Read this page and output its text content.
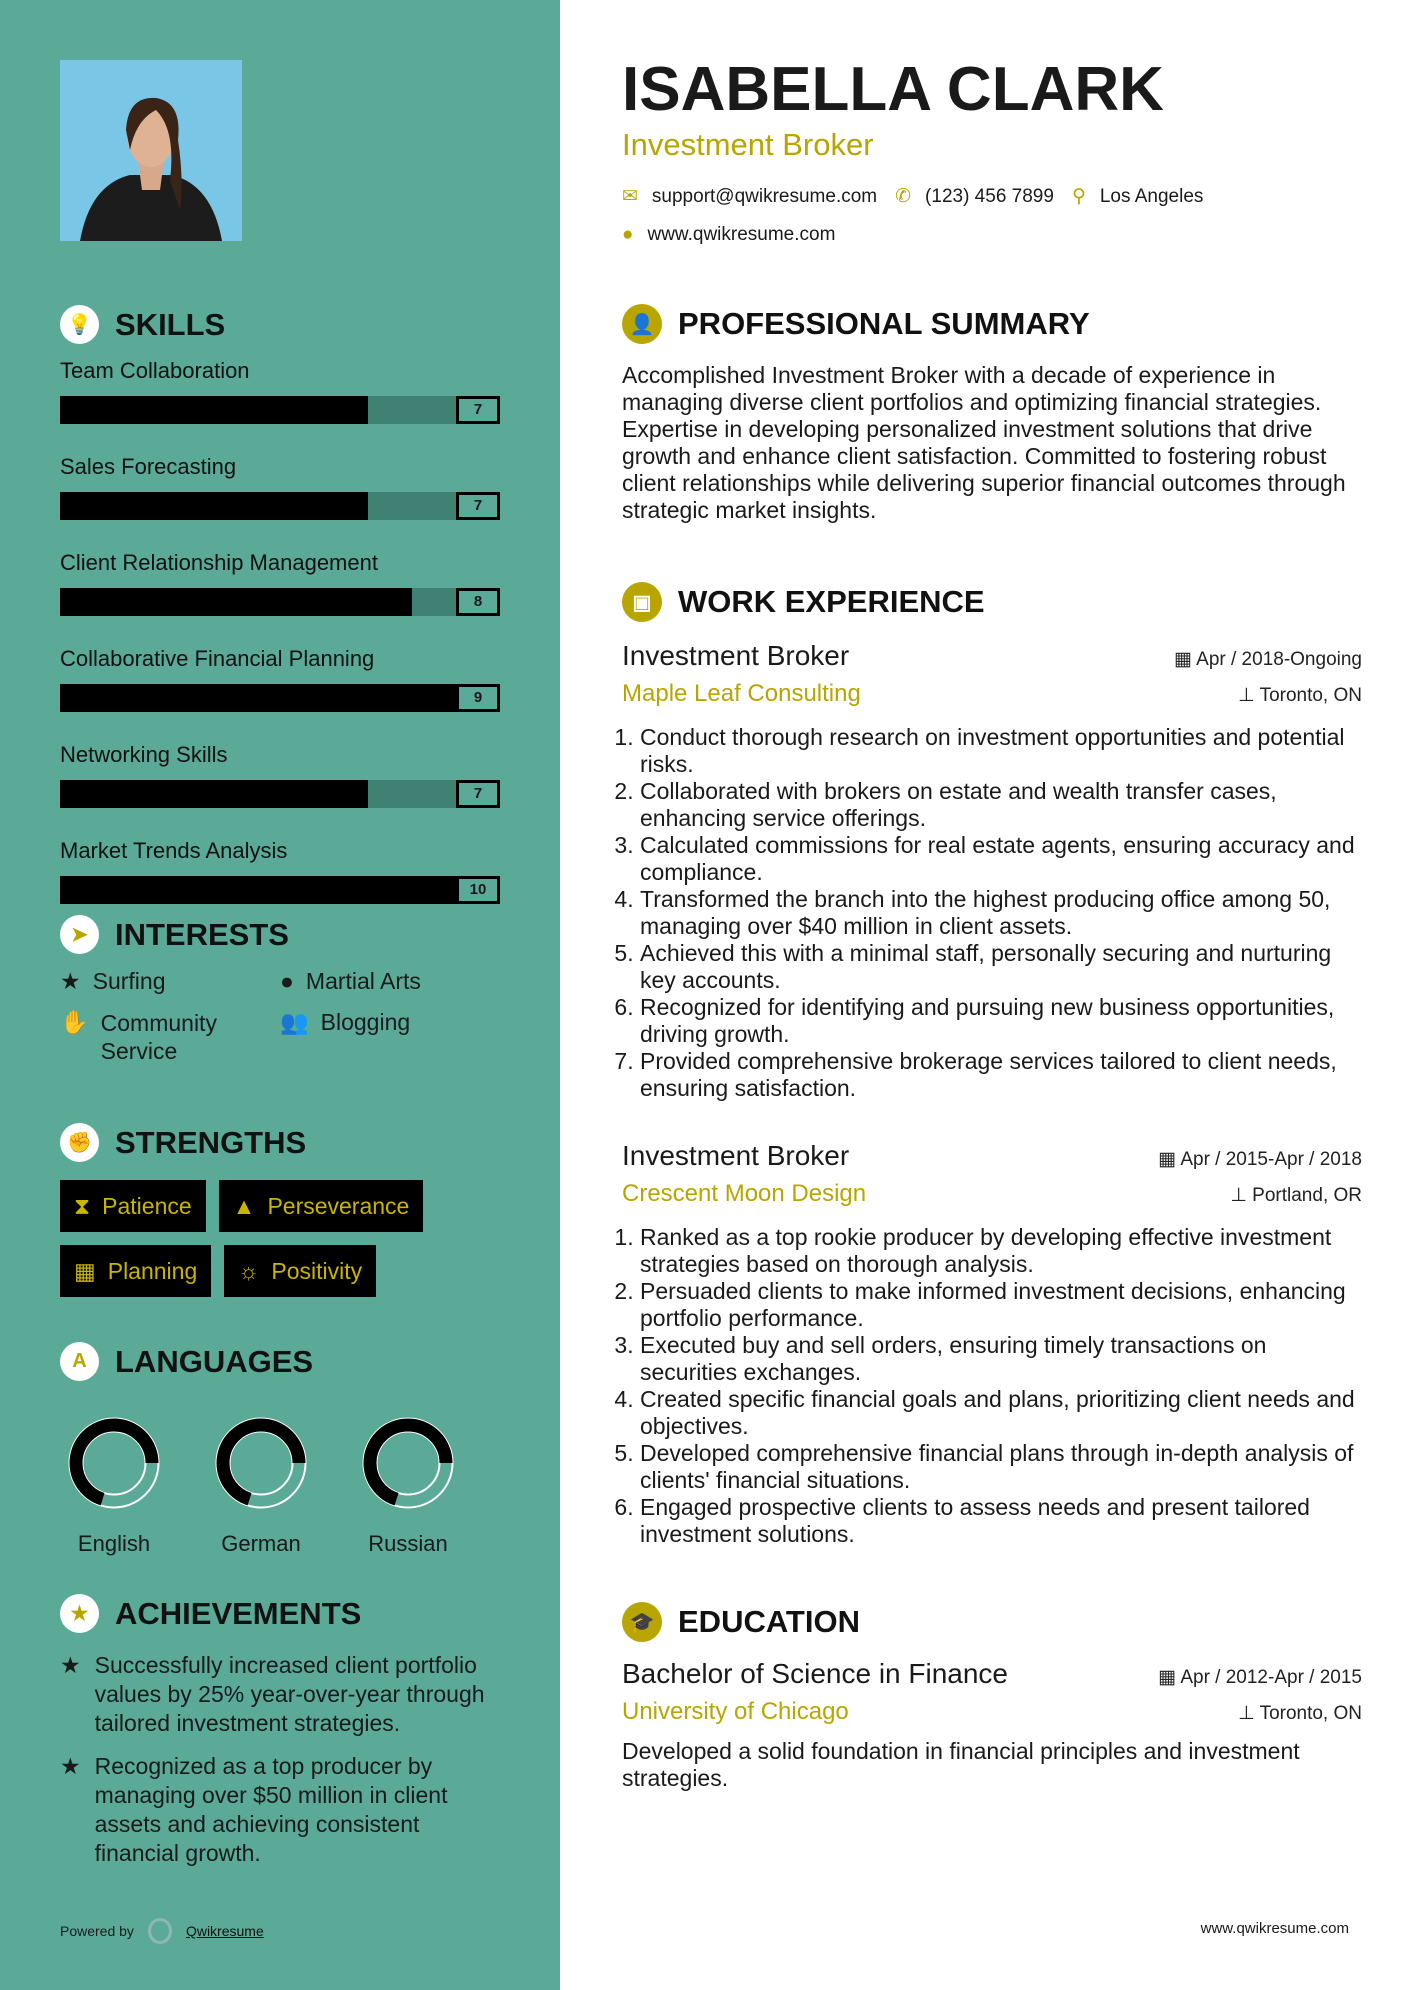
💡 SKILLS
Team Collaboration
7
Sales Forecasting
7
Client Relationship Management
8
Collaborative Financial Planning
9
Networking Skills
7
Market Trends Analysis
10
➤ INTERESTS
★ Surfing	● Martial Arts
✋ Community Service
👥 Blogging
✊ STRENGTHS
⧗ Patience ▲ Perseverance

▦ Planning ☼ Positivity
A LANGUAGES
English	German	Russian
★ ACHIEVEMENTS
★ Successfully increased client portfolio values by 25% year-over-year through tailored investment strategies.
★ Recognized as a top producer by managing over $50 million in client assets and achieving consistent financial growth.
Powered by	Qwikresume
ISABELLA CLARK
Investment Broker
✉ support@qwikresume.com ✆ (123) 456 7899 ⚲ Los Angeles
● www.qwikresume.com
👤 PROFESSIONAL SUMMARY

Accomplished Investment Broker with a decade of experience in managing diverse client portfolios and optimizing financial strategies. Expertise in developing personalized investment solutions that drive growth and enhance client satisfaction. Committed to fostering robust client relationships while delivering superior financial outcomes through strategic market insights.

▣ WORK EXPERIENCE
Investment Broker	▦ Apr / 2018-Ongoing
Maple Leaf Consulting	⊥ Toronto, ON
1. Conduct thorough research on investment opportunities and potential risks.
2. Collaborated with brokers on estate and wealth transfer cases, enhancing service offerings.
3. Calculated commissions for real estate agents, ensuring accuracy and compliance.
4. Transformed the branch into the highest producing office among 50, managing over $40 million in client assets.
5. Achieved this with a minimal staff, personally securing and nurturing key accounts.
6. Recognized for identifying and pursuing new business opportunities, driving growth.
7. Provided comprehensive brokerage services tailored to client needs, ensuring satisfaction.
Investment Broker	▦ Apr / 2015-Apr / 2018
Crescent Moon Design	⊥ Portland, OR
1. Ranked as a top rookie producer by developing effective investment strategies based on thorough analysis.
2. Persuaded clients to make informed investment decisions, enhancing portfolio performance.
3. Executed buy and sell orders, ensuring timely transactions on securities exchanges.
4. Created specific financial goals and plans, prioritizing client needs and objectives.
5. Developed comprehensive financial plans through in-depth analysis of clients' financial situations.
6. Engaged prospective clients to assess needs and present tailored investment solutions.
🎓 EDUCATION
Bachelor of Science in Finance	▦ Apr / 2012-Apr / 2015
University of Chicago	⊥ Toronto, ON

Developed a solid foundation in financial principles and investment strategies.

www.qwikresume.com
